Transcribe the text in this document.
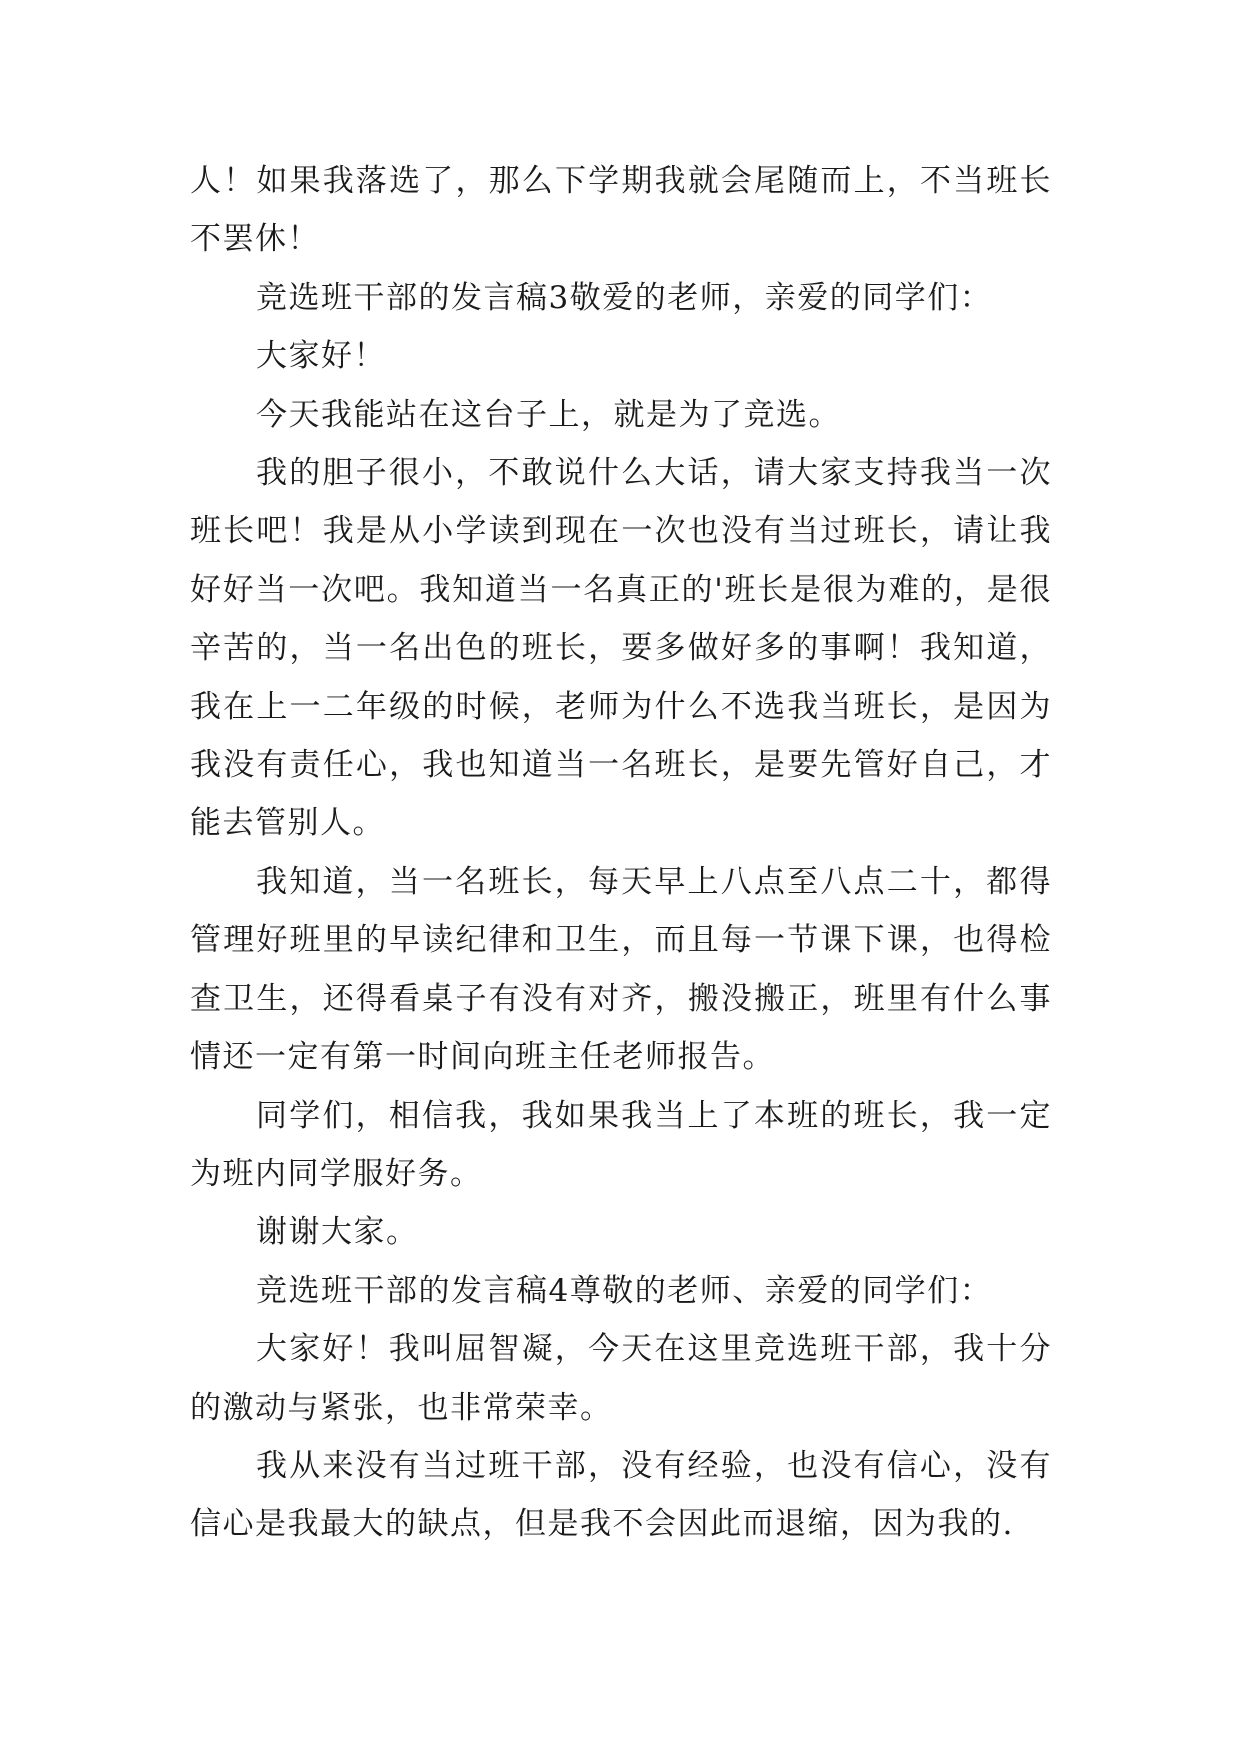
人！如果我落选了，那么下学期我就会尾随而上，不当班长不罢休！

竞选班干部的发言稿3敬爱的老师，亲爱的同学们：

大家好！

今天我能站在这台子上，就是为了竞选。

我的胆子很小，不敢说什么大话，请大家支持我当一次班长吧！我是从小学读到现在一次也没有当过班长，请让我好好当一次吧。我知道当一名真正的'班长是很为难的，是很辛苦的，当一名出色的班长，要多做好多的事啊！我知道，我在上一二年级的时候，老师为什么不选我当班长，是因为我没有责任心，我也知道当一名班长，是要先管好自己，才能去管别人。

我知道，当一名班长，每天早上八点至八点二十，都得管理好班里的早读纪律和卫生，而且每一节课下课，也得检查卫生，还得看桌子有没有对齐，搬没搬正，班里有什么事情还一定有第一时间向班主任老师报告。

同学们，相信我，我如果我当上了本班的班长，我一定为班内同学服好务。

谢谢大家。

竞选班干部的发言稿4尊敬的老师、亲爱的同学们：

大家好！我叫屈智凝，今天在这里竞选班干部，我十分的激动与紧张，也非常荣幸。

我从来没有当过班干部，没有经验，也没有信心，没有信心是我最大的缺点，但是我不会因此而退缩，因为我的.
